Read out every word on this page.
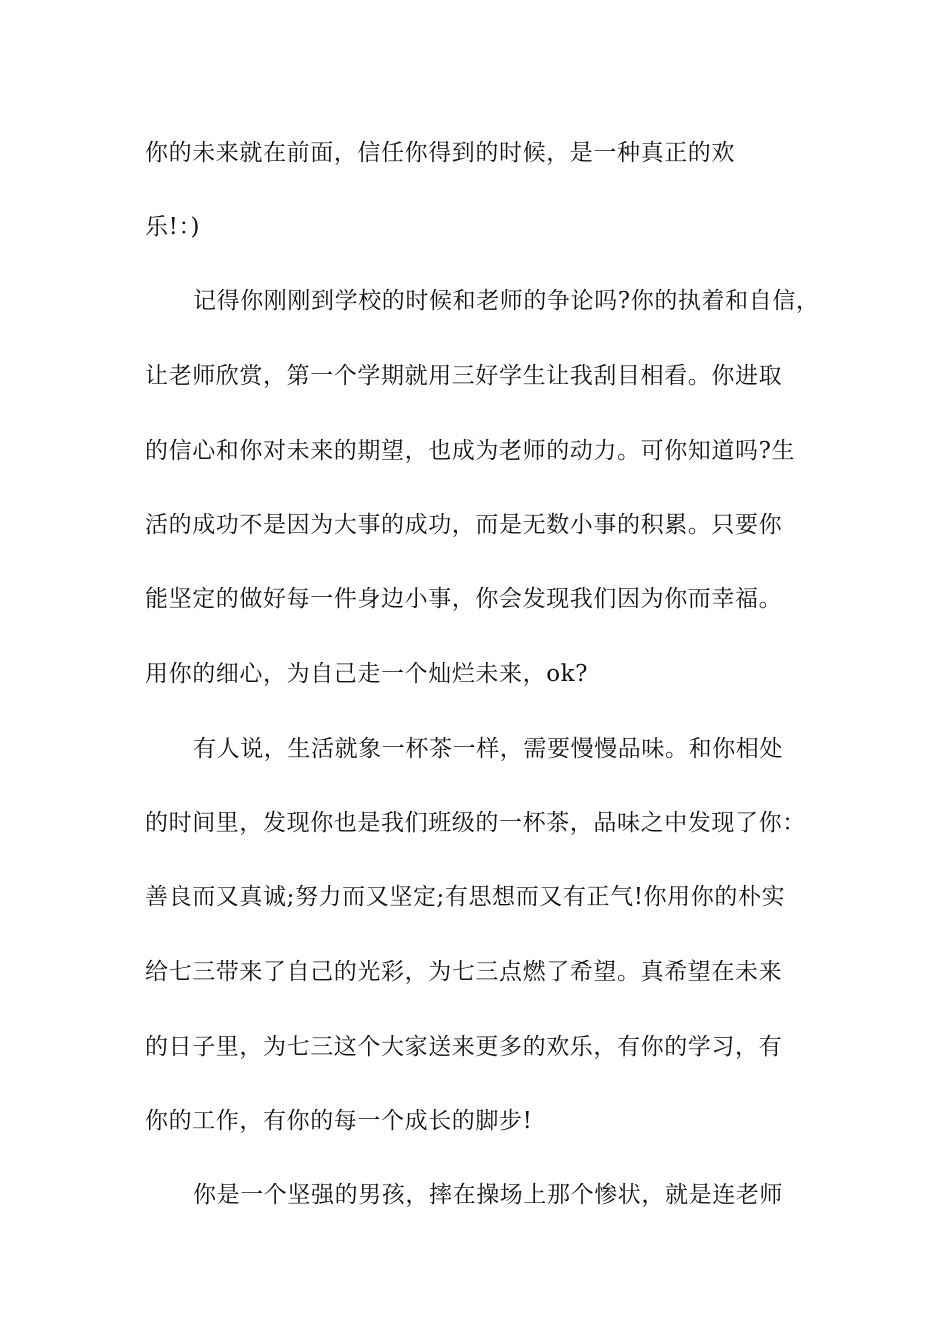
你的未来就在前面，信任你得到的时候，是一种真正的欢
乐!：)
记得你刚刚到学校的时候和老师的争论吗?你的执着和自信，
让老师欣赏，第一个学期就用三好学生让我刮目相看。你进取
的信心和你对未来的期望，也成为老师的动力。可你知道吗?生
活的成功不是因为大事的成功，而是无数小事的积累。只要你
能坚定的做好每一件身边小事，你会发现我们因为你而幸福。
用你的细心，为自己走一个灿烂未来，ok?
有人说，生活就象一杯茶一样，需要慢慢品味。和你相处
的时间里，发现你也是我们班级的一杯茶，品味之中发现了你：
善良而又真诚;努力而又坚定;有思想而又有正气!你用你的朴实
给七三带来了自己的光彩，为七三点燃了希望。真希望在未来
的日子里，为七三这个大家送来更多的欢乐，有你的学习，有
你的工作，有你的每一个成长的脚步!
你是一个坚强的男孩，摔在操场上那个惨状，就是连老师
